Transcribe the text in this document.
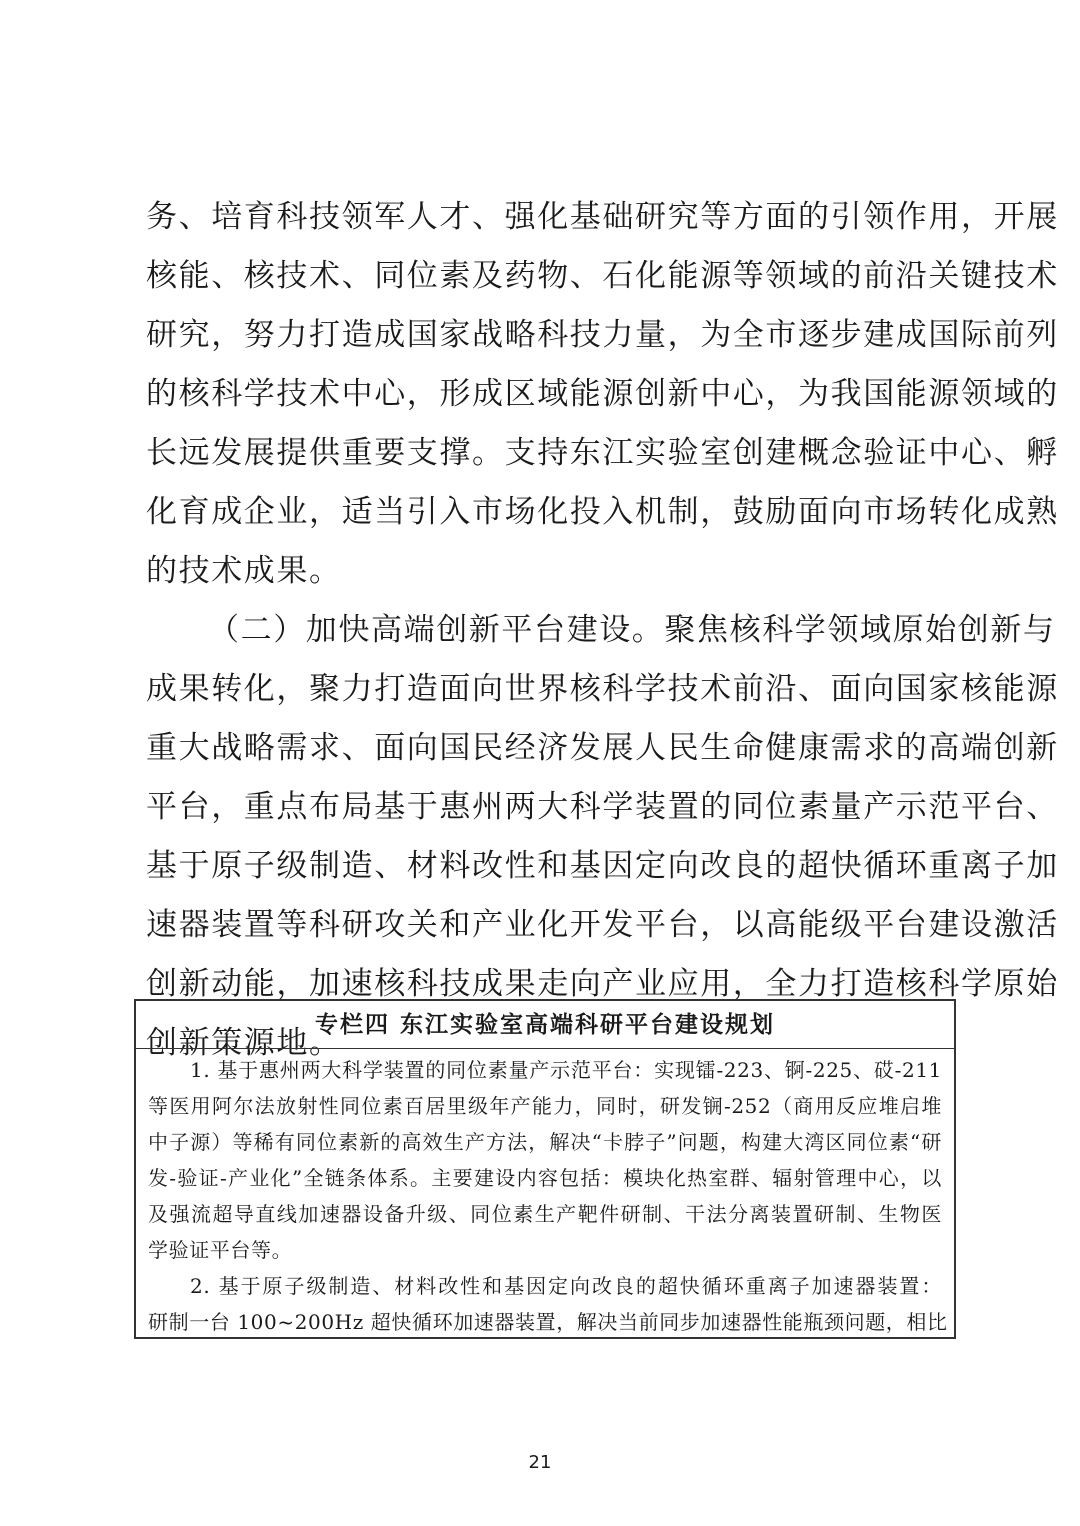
务、培育科技领军人才、强化基础研究等方面的引领作用，开展
核能、核技术、同位素及药物、石化能源等领域的前沿关键技术
研究，努力打造成国家战略科技力量，为全市逐步建成国际前列
的核科学技术中心，形成区域能源创新中心，为我国能源领域的
长远发展提供重要支撑。支持东江实验室创建概念验证中心、孵
化育成企业，适当引入市场化投入机制，鼓励面向市场转化成熟
的技术成果。
（二）加快高端创新平台建设。聚焦核科学领域原始创新与
成果转化，聚力打造面向世界核科学技术前沿、面向国家核能源
重大战略需求、面向国民经济发展人民生命健康需求的高端创新
平台，重点布局基于惠州两大科学装置的同位素量产示范平台、
基于原子级制造、材料改性和基因定向改良的超快循环重离子加
速器装置等科研攻关和产业化开发平台，以高能级平台建设激活
创新动能，加速核科技成果走向产业应用，全力打造核科学原始
创新策源地。
专栏四 东江实验室高端科研平台建设规划
1. 基于惠州两大科学装置的同位素量产示范平台：实现镭-223、锕-225、砹-211
等医用阿尔法放射性同位素百居里级年产能力，同时，研发锎-252（商用反应堆启堆
中子源）等稀有同位素新的高效生产方法，解决“卡脖子”问题，构建大湾区同位素“研
发-验证-产业化”全链条体系。主要建设内容包括：模块化热室群、辐射管理中心，以
及强流超导直线加速器设备升级、同位素生产靶件研制、干法分离装置研制、生物医
学验证平台等。
2. 基于原子级制造、材料改性和基因定向改良的超快循环重离子加速器装置：
研制一台 100~200Hz 超快循环加速器装置，解决当前同步加速器性能瓶颈问题，相比
21
